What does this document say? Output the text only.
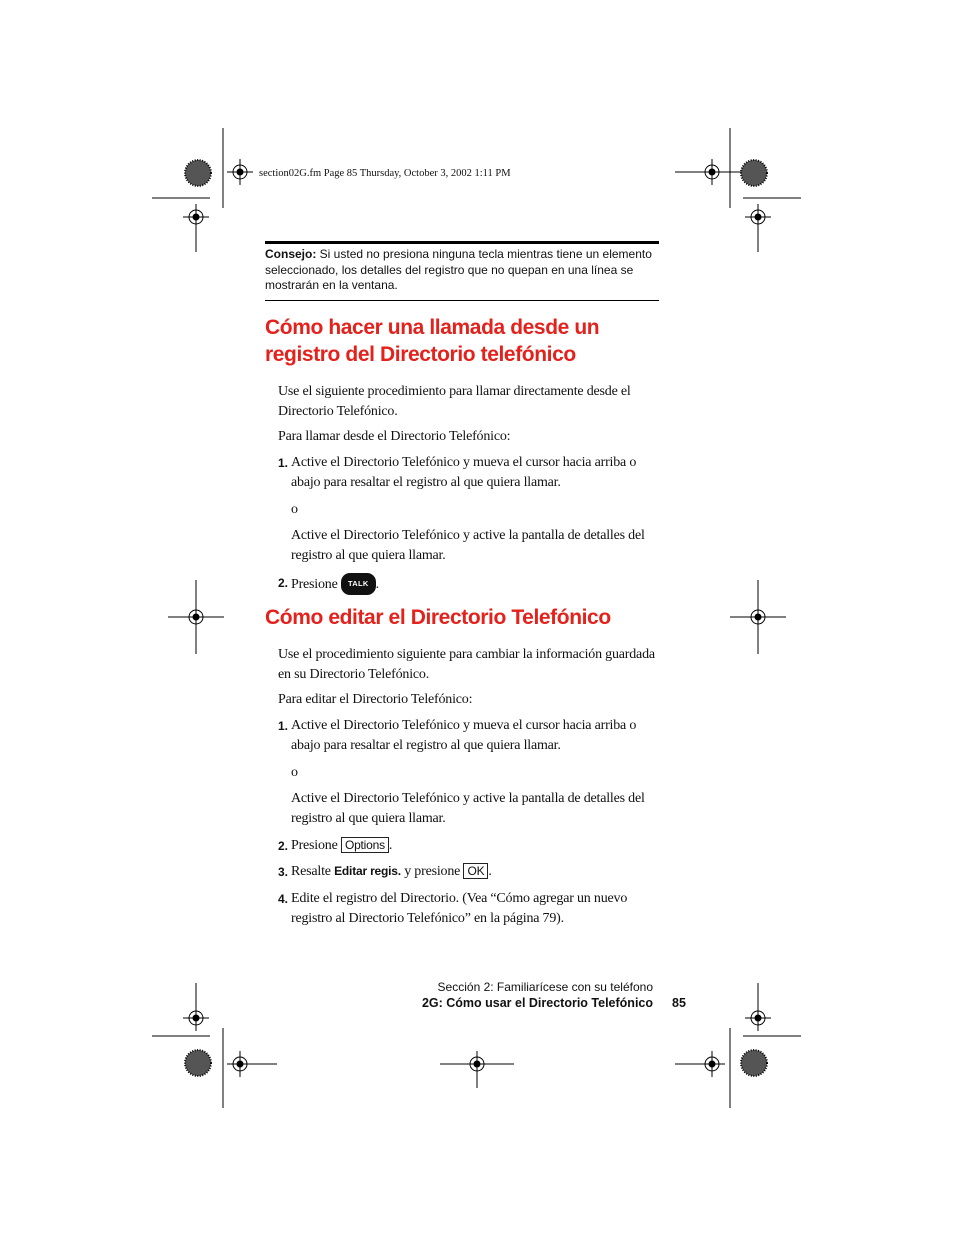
section02G.fm Page 85 Thursday, October 3, 2002 1:11 PM
Consejo: Si usted no presiona ninguna tecla mientras tiene un elemento seleccionado, los detalles del registro que no quepan en una línea se mostrarán en la ventana.
Cómo hacer una llamada desde un registro del Directorio telefónico
Use el siguiente procedimiento para llamar directamente desde el Directorio Telefónico.
Para llamar desde el Directorio Telefónico:
1. Active el Directorio Telefónico y mueva el cursor hacia arriba o abajo para resaltar el registro al que quiera llamar.
o
Active el Directorio Telefónico y active la pantalla de detalles del registro al que quiera llamar.
2. Presione TALK .
Cómo editar el Directorio Telefónico
Use el procedimiento siguiente para cambiar la información guardada en su Directorio Telefónico.
Para editar el Directorio Telefónico:
1. Active el Directorio Telefónico y mueva el cursor hacia arriba o abajo para resaltar el registro al que quiera llamar.
o
Active el Directorio Telefónico y active la pantalla de detalles del registro al que quiera llamar.
2. Presione Options .
3. Resalte Editar regis. y presione OK .
4. Edite el registro del Directorio. (Vea “Cómo agregar un nuevo registro al Directorio Telefónico” en la página 79).
Sección 2: Familiarícese con su teléfono
2G: Cómo usar el Directorio Telefónico 85
